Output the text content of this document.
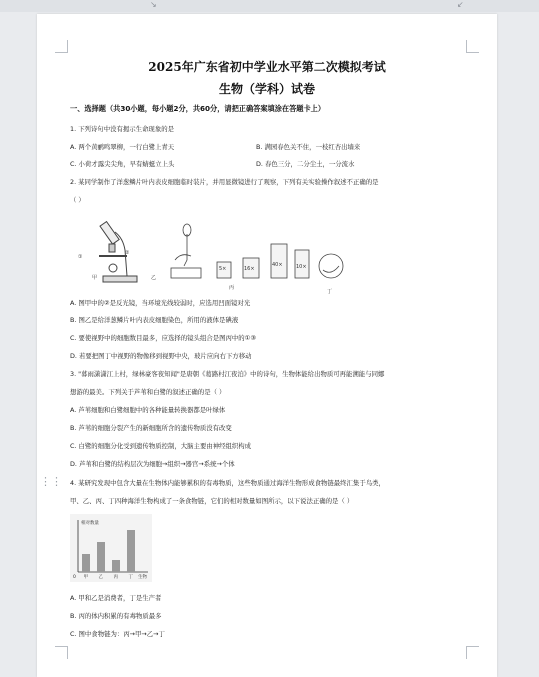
↘	↙
2025年广东省初中学业水平第二次模拟考试
生物（学科）试卷
一、选择题（共30小题，每小题2分，共60分，请把正确答案填涂在答题卡上）
1. 下列诗句中没有揭示生命现象的是
A. 两个黄鹂鸣翠柳，一行白鹭上青天	B. 满园春色关不住，一枝红杏出墙来
C. 小荷才露尖尖角，早有蜻蜓立上头	D. 春色三分，二分尘土，一分流水
2. 某同学制作了洋葱鳞片叶内表皮细胞临时装片，并用显微镜进行了观察，下列有关实验操作叙述不正确的是
（ ）
甲	乙
丙
丁
①
②
5×	16×
40×	10×
A. 图甲中的②是反光镜，当环境光线较弱时，应选用凹面镜对光
B. 图乙是给洋葱鳞片叶内表皮细胞染色，所用的液体是碘液
C. 要使视野中的细胞数目最多，应选择的镜头组合是图丙中的①③
D. 若要把图丁中视野的物像移到视野中央，玻片应向右下方移动
3. "暮雨潇潇江上村，绿林豪客夜知闻"是唐朝《葛路村江夜泊》中的诗句，生物体能给出物质可再能溯能与同娜
想游的最美。下列关于芦苇和白鹭的叙述正确的是（ ）
A. 芦苇细胞和白鹭细胞中的各种能量转换器都是叶绿体
B. 芦苇的细胞分裂产生的新细胞所含的遗传物质没有改变
C. 白鹭的细胞分化受到遗传物质控制，大脑主要由神经组织构成
D. 芦苇和白鹭的结构层次为细胞→组织→器官→系统→个体
4. 某研究发现中包含大量在生物体内能够累积的有毒物质，这些物质通过海洋生物形成食物链最终汇集于鸟类，
甲、乙、丙、丁四种海洋生物构成了一条食物链，它们的相对数量如图所示，以下说法正确的是（ ）
相对数量
0	生物
甲 乙 丙 丁
A. 甲和乙是消费者，丁是生产者
B. 丙的体内积累的有毒物质最多
C. 图中食物链为：丙→甲→乙→丁
⋮⋮
